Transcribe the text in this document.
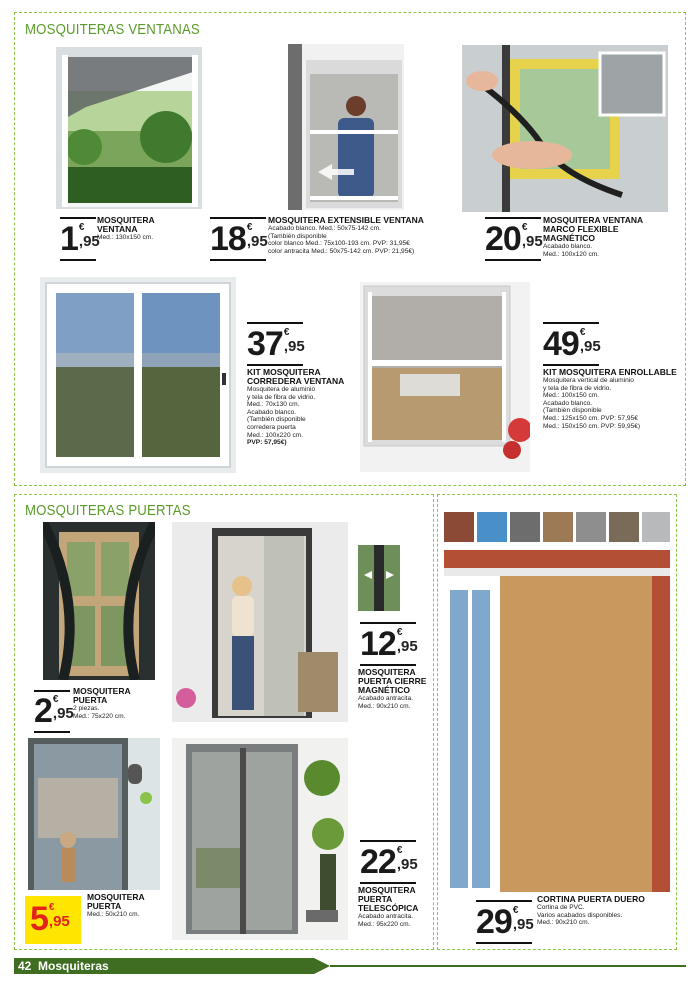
MOSQUITERAS VENTANAS
1 €
,95
MOSQUITERA VENTANA
Med.: 130x150 cm.	18 €
,95
MOSQUITERA EXTENSIBLE VENTANA
Acabado blanco. Med.: 50x75-142 cm.
(También disponible
color blanco Med.: 75x100-193 cm. PVP: 31,95€
color antracita Med.: 50x75-142 cm. PVP: 21,95€)	20 €
,95
MOSQUITERA VENTANA MARCO FLEXIBLE MAGNÉTICO
Acabado blanco.
Med.: 100x120 cm.
37 €
,95
KIT MOSQUITERA CORREDERA VENTANA
Mosquitera de aluminio
y tela de fibra de vidrio.
Med.: 70x130 cm.
Acabado blanco.
(También disponible
corredera puerta
Med.: 100x220 cm.
PVP: 57,95€)
49 €
,95
KIT MOSQUITERA ENROLLABLE
Mosquitera vertical de aluminio
y tela de fibra de vidrio.
Med.: 100x150 cm.
Acabado blanco.
(También disponible
Med.: 125x150 cm. PVP: 57,95€
Med.: 150x150 cm. PVP: 59,95€)
MOSQUITERAS PUERTAS
2 €
,95
MOSQUITERA PUERTA
2 piezas.
Med.: 75x220 cm.
12 €
,95
MOSQUITERA PUERTA CIERRE MAGNÉTICO
Acabado antracita.
Med.: 90x210 cm.
5 €
,95
MOSQUITERA PUERTA
Med.: 50x210 cm.
22 €
,95
MOSQUITERA PUERTA TELESCÓPICA
Acabado antracita.
Med.: 95x220 cm.	29 €
,95
CORTINA PUERTA DUERO
Cortina de PVC.
Varios acabados disponibles.
Med.: 90x210 cm.
42 Mosquiteras
